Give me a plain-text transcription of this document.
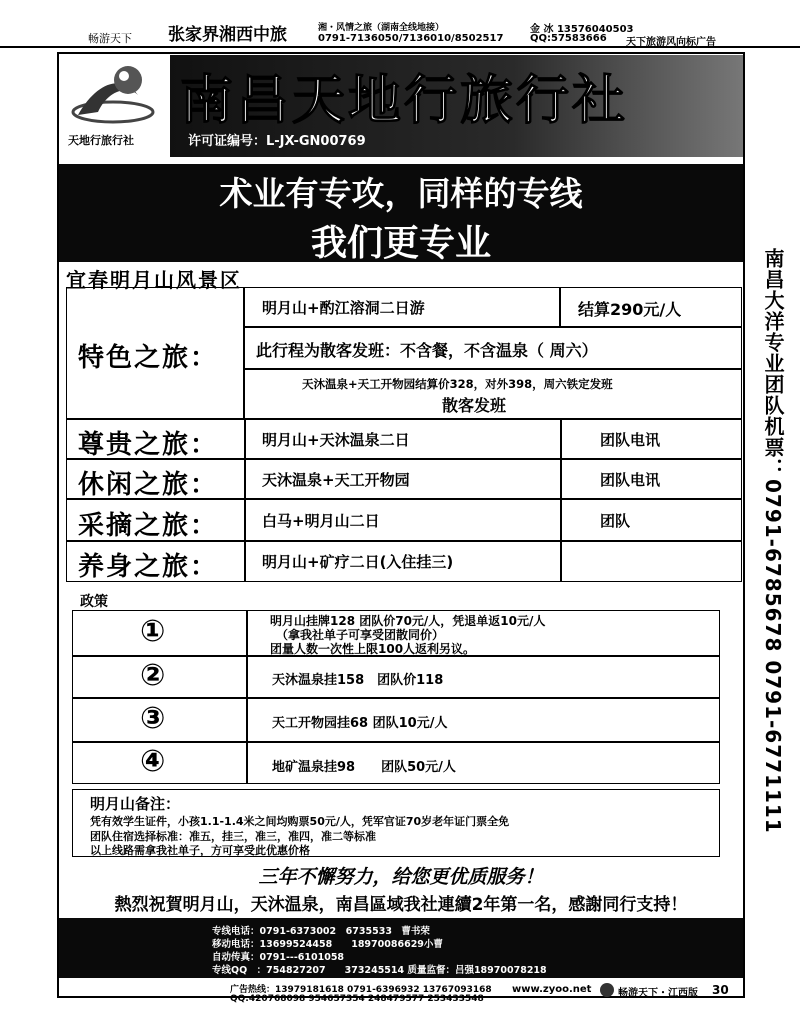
畅游天下 张家界湘西中旅	湘・风情之旅（湖南全线地接）
0791-7136050/7136010/8502517
金 冰 13576040503
QQ:57583666 天下旅游风向标广告
天地行旅行社
南昌天地行旅行社
许可证编号：L-JX-GN00769
术业有专攻，同样的专线
我们更专业
南昌大洋专业团队机票：0791-6785678 0791-6771111
宜春明月山风景区
特色之旅：
明月山+酌江溶洞二日游	结算290元/人
此行程为散客发班：不含餐，不含温泉（ 周六）
天沐温泉+天工开物园结算价328，对外398，周六铁定发班
散客发班
尊贵之旅：	明月山+天沐温泉二日	团队电讯
休闲之旅：	天沐温泉+天工开物园	团队电讯
采摘之旅：	白马+明月山二日	团队
养身之旅：	明月山+矿疗二日(入住挂三)
政策
①	明月山挂牌128 团队价70元/人，凭退单返10元/人
（拿我社单子可享受团散同价）
团量人数一次性上限100人返利另议。
②	天沐温泉挂158　团队价118
③	天工开物园挂68 团队10元/人
④	地矿温泉挂98　　团队50元/人
明月山备注：
凭有效学生证件，小孩1.1-1.4米之间均购票50元/人，凭军官证70岁老年证门票全免
团队住宿选择标准：准五，挂三，准三，准四，准二等标准
以上线路需拿我社单子，方可享受此优惠价格
三年不懈努力，给您更优质服务！
熱烈祝賀明月山，天沐温泉，南昌區域我社連續2年第一名，感謝同行支持！
专线电话：0791-6373002　6735533　曹书荣
移动电话：13699524458　　18970086629小曹
自动传真：0791---6101058
专线QQ　：754827207　　373245514 质量监督：吕强18970078218
广告热线：13979181618 0791-6396932 13767093168
QQ:420768098 954657354 248479577 253433548
www.zyoo.net	畅游天下・江西版 30
